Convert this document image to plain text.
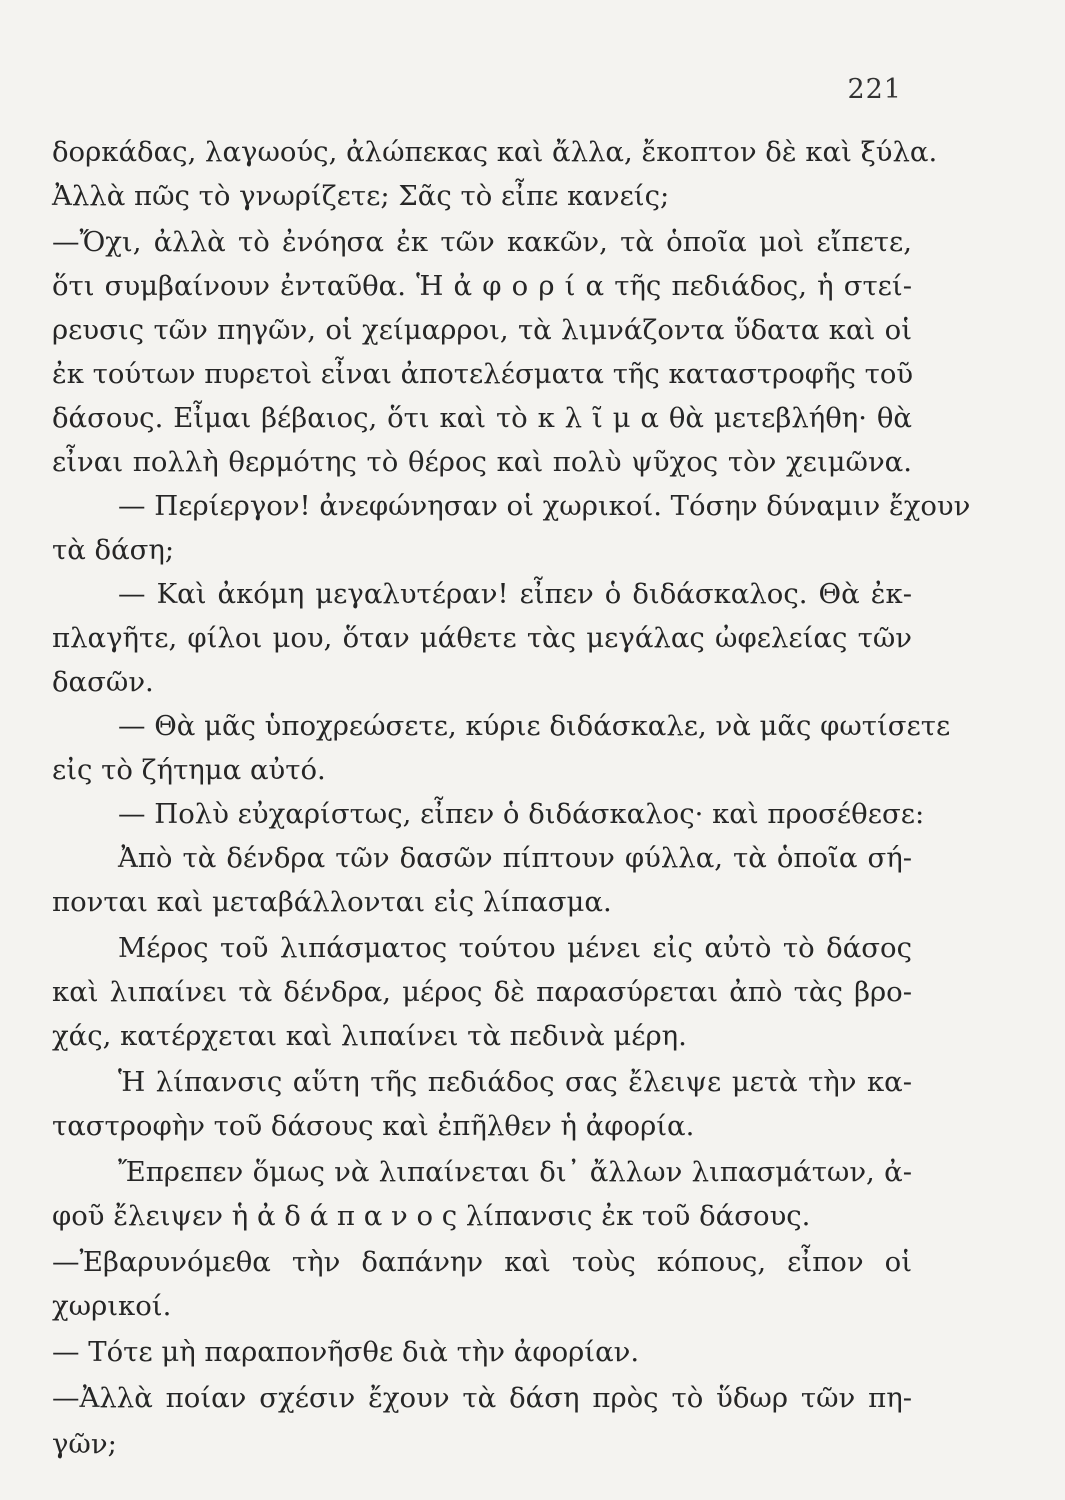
221
δορκάδας, λαγωούς, ἀλώπεκας καὶ ἄλλα, ἔκοπτον δὲ καὶ ξύλα.
Ἀλλὰ πῶς τὸ γνωρίζετε; Σᾶς τὸ εἶπε κανείς;
—Ὄχι, ἀλλὰ τὸ ἐνόησα ἐκ τῶν κακῶν, τὰ ὁποῖα μοὶ εἴπετε,
ὅτι συμβαίνουν ἐνταῦθα. Ἡ ἀ φ ο ρ ί α τῆς πεδιάδος, ἡ στεί-
ρευσις τῶν πηγῶν, οἱ χείμαρροι, τὰ λιμνάζοντα ὕδατα καὶ οἱ
ἐκ τούτων πυρετοὶ εἶναι ἀποτελέσματα τῆς καταστροφῆς τοῦ
δάσους. Εἶμαι βέβαιος, ὅτι καὶ τὸ κ λ ῖ μ α θὰ μετεβλήθη· θὰ
εἶναι πολλὴ θερμότης τὸ θέρος καὶ πολὺ ψῦχος τὸν χειμῶνα.
— Περίεργον! ἀνεφώνησαν οἱ χωρικοί. Τόσην δύναμιν ἔχουν
τὰ δάση;
— Καὶ ἀκόμη μεγαλυτέραν! εἶπεν ὁ διδάσκαλος. Θὰ ἐκ-
πλαγῆτε, φίλοι μου, ὅταν μάθετε τὰς μεγάλας ὠφελείας τῶν
δασῶν.
— Θὰ μᾶς ὑποχρεώσετε, κύριε διδάσκαλε, νὰ μᾶς φωτίσετε
εἰς τὸ ζήτημα αὐτό.
— Πολὺ εὐχαρίστως, εἶπεν ὁ διδάσκαλος· καὶ προσέθεσε:
Ἀπὸ τὰ δένδρα τῶν δασῶν πίπτουν φύλλα, τὰ ὁποῖα σή-
πονται καὶ μεταβάλλονται εἰς λίπασμα.
Μέρος τοῦ λιπάσματος τούτου μένει εἰς αὐτὸ τὸ δάσος
καὶ λιπαίνει τὰ δένδρα, μέρος δὲ παρασύρεται ἀπὸ τὰς βρο-
χάς, κατέρχεται καὶ λιπαίνει τὰ πεδινὰ μέρη.
Ἡ λίπανσις αὕτη τῆς πεδιάδος σας ἔλειψε μετὰ τὴν κα-
ταστροφὴν τοῦ δάσους καὶ ἐπῆλθεν ἡ ἀφορία.
Ἔπρεπεν ὅμως νὰ λιπαίνεται δι᾽ ἄλλων λιπασμάτων, ἀ-
φοῦ ἔλειψεν ἡ ἀ δ ά π α ν ο ς λίπανσις ἐκ τοῦ δάσους.
—Ἐβαρυνόμεθα τὴν δαπάνην καὶ τοὺς κόπους, εἶπον οἱ
χωρικοί.
— Τότε μὴ παραπονῆσθε διὰ τὴν ἀφορίαν.
—Ἀλλὰ ποίαν σχέσιν ἔχουν τὰ δάση πρὸς τὸ ὕδωρ τῶν πη-
γῶν;
